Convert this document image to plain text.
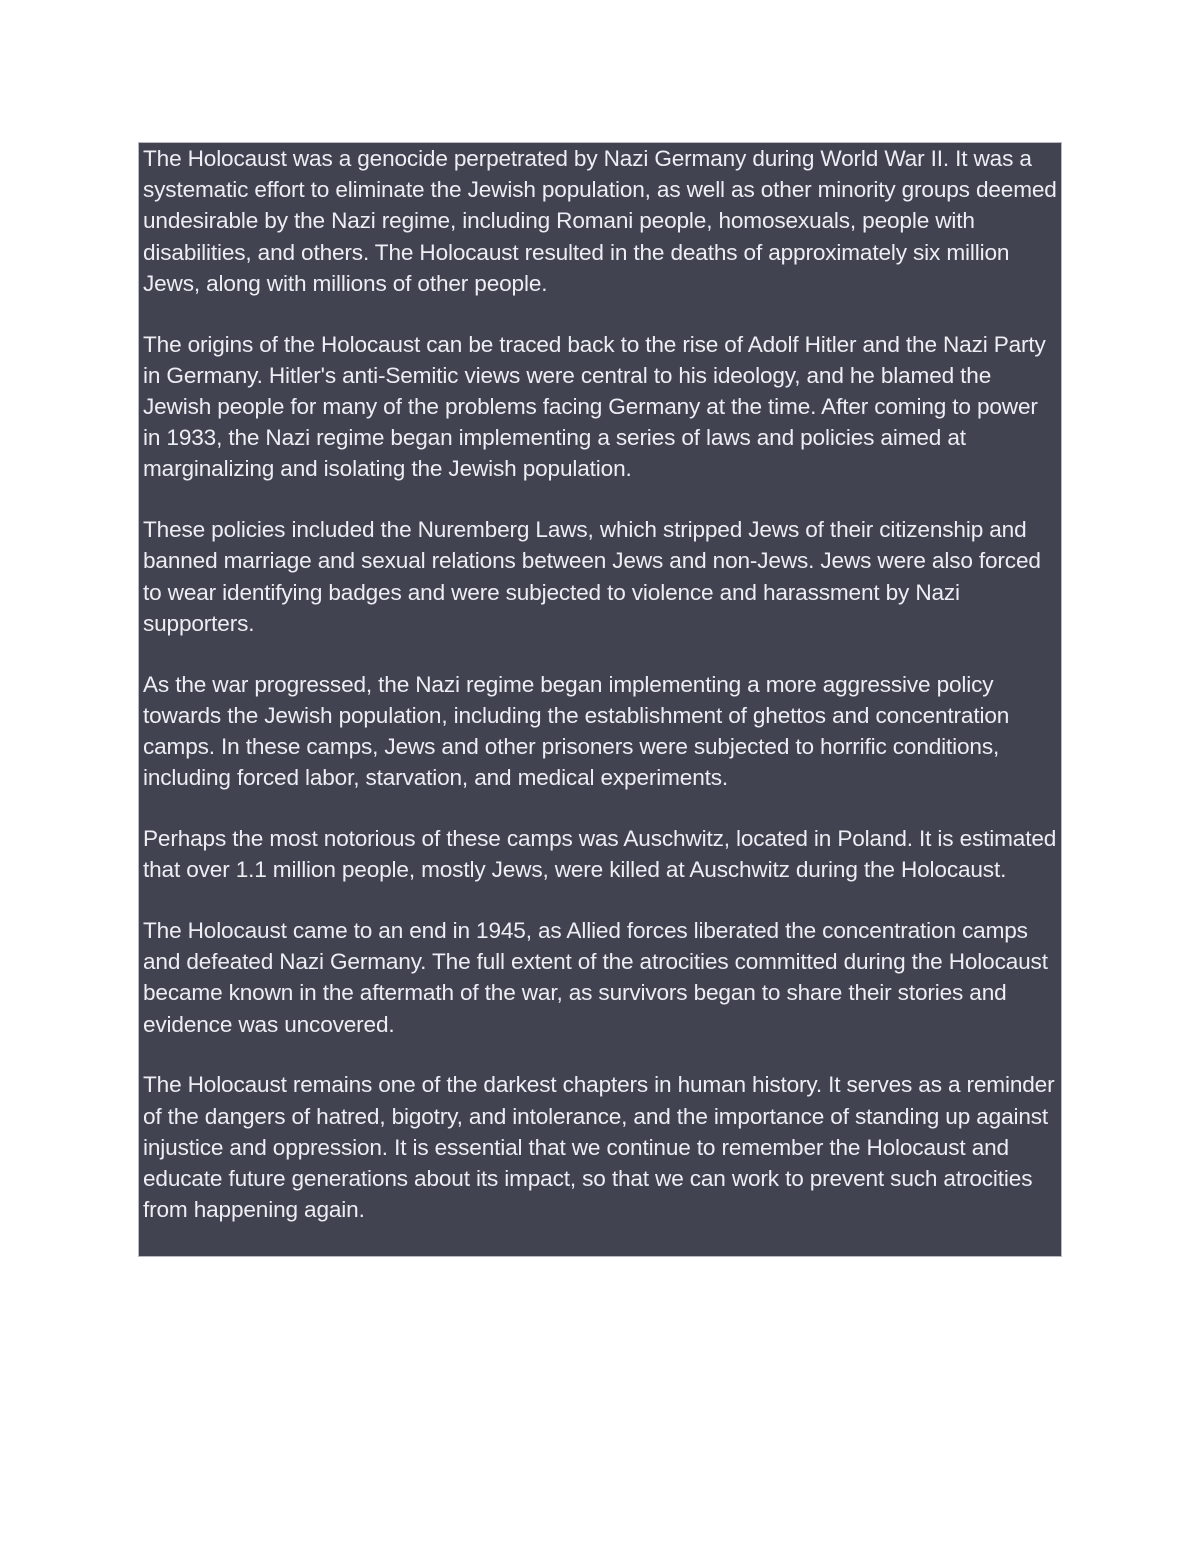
The Holocaust was a genocide perpetrated by Nazi Germany during World War II. It was a systematic effort to eliminate the Jewish population, as well as other minority groups deemed undesirable by the Nazi regime, including Romani people, homosexuals, people with disabilities, and others. The Holocaust resulted in the deaths of approximately six million Jews, along with millions of other people.

The origins of the Holocaust can be traced back to the rise of Adolf Hitler and the Nazi Party in Germany. Hitler's anti-Semitic views were central to his ideology, and he blamed the Jewish people for many of the problems facing Germany at the time. After coming to power in 1933, the Nazi regime began implementing a series of laws and policies aimed at marginalizing and isolating the Jewish population.

These policies included the Nuremberg Laws, which stripped Jews of their citizenship and banned marriage and sexual relations between Jews and non-Jews. Jews were also forced to wear identifying badges and were subjected to violence and harassment by Nazi supporters.

As the war progressed, the Nazi regime began implementing a more aggressive policy towards the Jewish population, including the establishment of ghettos and concentration camps. In these camps, Jews and other prisoners were subjected to horrific conditions, including forced labor, starvation, and medical experiments.

Perhaps the most notorious of these camps was Auschwitz, located in Poland. It is estimated that over 1.1 million people, mostly Jews, were killed at Auschwitz during the Holocaust.

The Holocaust came to an end in 1945, as Allied forces liberated the concentration camps and defeated Nazi Germany. The full extent of the atrocities committed during the Holocaust became known in the aftermath of the war, as survivors began to share their stories and evidence was uncovered.

The Holocaust remains one of the darkest chapters in human history. It serves as a reminder of the dangers of hatred, bigotry, and intolerance, and the importance of standing up against injustice and oppression. It is essential that we continue to remember the Holocaust and educate future generations about its impact, so that we can work to prevent such atrocities from happening again.
